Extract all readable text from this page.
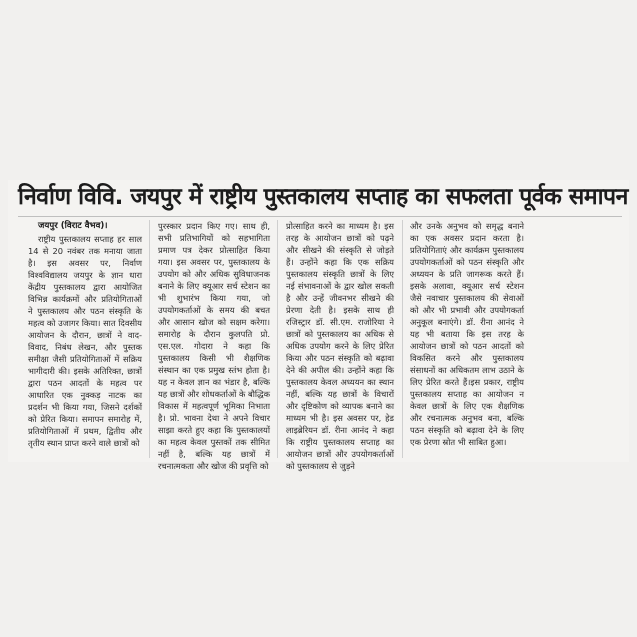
निर्वाण विवि. जयपुर में राष्ट्रीय पुस्तकालय सप्ताह का सफलता पूर्वक समापन
जयपुर (विराट वैभव)।

राष्ट्रीय पुस्तकालय सप्ताह हर साल 14 से 20 नवंबर तक मनाया जाता है। इस अवसर पर, निर्वाण विश्वविद्यालय जयपुर के ज्ञान धारा केंद्रीय पुस्तकालय द्वारा आयोजित विभिन्न कार्यक्रमों और प्रतियोगिताओं ने पुस्तकालय और पठन संस्कृति के महत्व को उजागर किया। सात दिवसीय आयोजन के दौरान, छात्रों ने वाद-विवाद, निबंध लेखन, और पुस्तक समीक्षा जैसी प्रतियोगिताओं में सक्रिय भागीदारी की। इसके अतिरिक्त, छात्रों द्वारा पठन आदतों के महत्व पर आधारित एक नुक्कड़ नाटक का प्रदर्शन भी किया गया, जिसने दर्शकों को प्रेरित किया। समापन समारोह में, प्रतियोगिताओं में प्रथम, द्वितीय और तृतीय स्थान प्राप्त करने वाले छात्रों को

पुरस्कार प्रदान किए गए। साथ ही, सभी प्रतिभागियों को सहभागिता प्रमाण पत्र देकर प्रोत्साहित किया गया। इस अवसर पर, पुस्तकालय के उपयोग को और अधिक सुविधाजनक बनाने के लिए क्यूआर सर्च स्टेशन का भी शुभारंभ किया गया, जो उपयोगकर्ताओं के समय की बचत और आसान खोज को सक्षम करेगा। समारोह के दौरान कुलपति प्रो. एस.एल. गोदारा ने कहा कि पुस्तकालय किसी भी शैक्षणिक संस्थान का एक प्रमुख स्तंभ होता है। यह न केवल ज्ञान का भंडार है, बल्कि यह छात्रों और शोधकर्ताओं के बौद्धिक विकास में महत्वपूर्ण भूमिका निभाता है। प्रो. भावना देथा ने अपने विचार साझा करते हुए कहा कि पुस्तकालयों का महत्व केवल पुस्तकों तक सीमित नहीं है, बल्कि यह छात्रों में रचनात्मकता और खोज की प्रवृत्ति को

प्रोत्साहित करने का माध्यम है। इस तरह के आयोजन छात्रों को पढ़ने और सीखने की संस्कृति से जोड़ते हैं। उन्होंने कहा कि एक सक्रिय पुस्तकालय संस्कृति छात्रों के लिए नई संभावनाओं के द्वार खोल सकती है और उन्हें जीवनभर सीखने की प्रेरणा देती है। इसके साथ ही रजिस्ट्रार डॉ. सी.एम. राजोरिया ने छात्रों को पुस्तकालय का अधिक से अधिक उपयोग करने के लिए प्रेरित किया और पठन संस्कृति को बढ़ावा देने की अपील की। उन्होंने कहा कि पुस्तकालय केवल अध्ययन का स्थान नहीं, बल्कि यह छात्रों के विचारों और दृष्टिकोण को व्यापक बनाने का माध्यम भी है। इस अवसर पर, हेड लाइब्रेरियन डॉ. रीना आनंद ने कहा कि राष्ट्रीय पुस्तकालय सप्ताह का आयोजन छात्रों और उपयोगकर्ताओं को पुस्तकालय से जुड़ने

और उनके अनुभव को समृद्ध बनाने का एक अवसर प्रदान करता है। प्रतियोगिताएं और कार्यक्रम पुस्तकालय उपयोगकर्ताओं को पठन संस्कृति और अध्ययन के प्रति जागरूक करते हैं। इसके अलावा, क्यूआर सर्च स्टेशन जैसे नवाचार पुस्तकालय की सेवाओं को और भी प्रभावी और उपयोगकर्ता अनुकूल बनाएंगे। डॉ. रीना आनंद ने यह भी बताया कि इस तरह के आयोजन छात्रों को पठन आदतों को विकसित करने और पुस्तकालय संसाधनों का अधिकतम लाभ उठाने के लिए प्रेरित करते हैं।इस प्रकार, राष्ट्रीय पुस्तकालय सप्ताह का आयोजन न केवल छात्रों के लिए एक शैक्षणिक और रचनात्मक अनुभव बना, बल्कि पठन संस्कृति को बढ़ावा देने के लिए एक प्रेरणा स्रोत भी साबित हुआ।
